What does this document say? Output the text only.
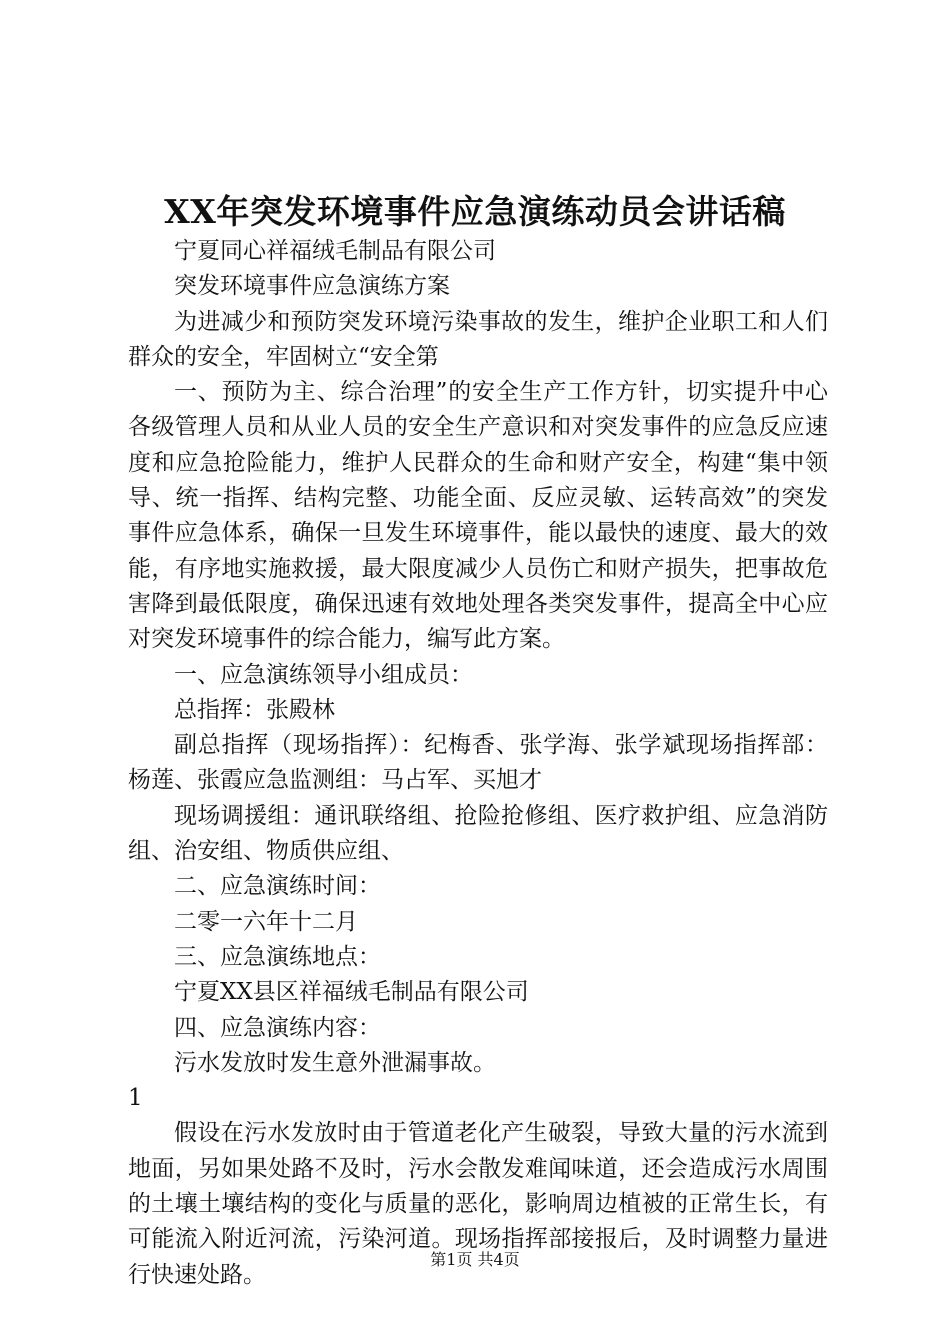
XX年突发环境事件应急演练动员会讲话稿

宁夏同心祥福绒毛制品有限公司

突发环境事件应急演练方案

为进减少和预防突发环境污染事故的发生，维护企业职工和人们群众的安全，牢固树立“安全第

一、预防为主、综合治理”的安全生产工作方针，切实提升中心各级管理人员和从业人员的安全生产意识和对突发事件的应急反应速度和应急抢险能力，维护人民群众的生命和财产安全，构建“集中领导、统一指挥、结构完整、功能全面、反应灵敏、运转高效”的突发事件应急体系，确保一旦发生环境事件，能以最快的速度、最大的效能，有序地实施救援，最大限度减少人员伤亡和财产损失，把事故危害降到最低限度，确保迅速有效地处理各类突发事件，提高全中心应对突发环境事件的综合能力，编写此方案。

一、应急演练领导小组成员：

总指挥：张殿林

副总指挥（现场指挥）：纪梅香、张学海、张学斌现场指挥部：杨莲、张霞应急监测组：马占军、买旭才

现场调援组：通讯联络组、抢险抢修组、医疗救护组、应急消防组、治安组、物质供应组、

二、应急演练时间：

二零一六年十二月

三、应急演练地点：

宁夏XX县区祥福绒毛制品有限公司

四、应急演练内容：

污水发放时发生意外泄漏事故。

1

假设在污水发放时由于管道老化产生破裂，导致大量的污水流到地面，另如果处路不及时，污水会散发难闻味道，还会造成污水周围的土壤土壤结构的变化与质量的恶化，影响周边植被的正常生长，有可能流入附近河流，污染河道。现场指挥部接报后，及时调整力量进行快速处路。

第1页 共4页
